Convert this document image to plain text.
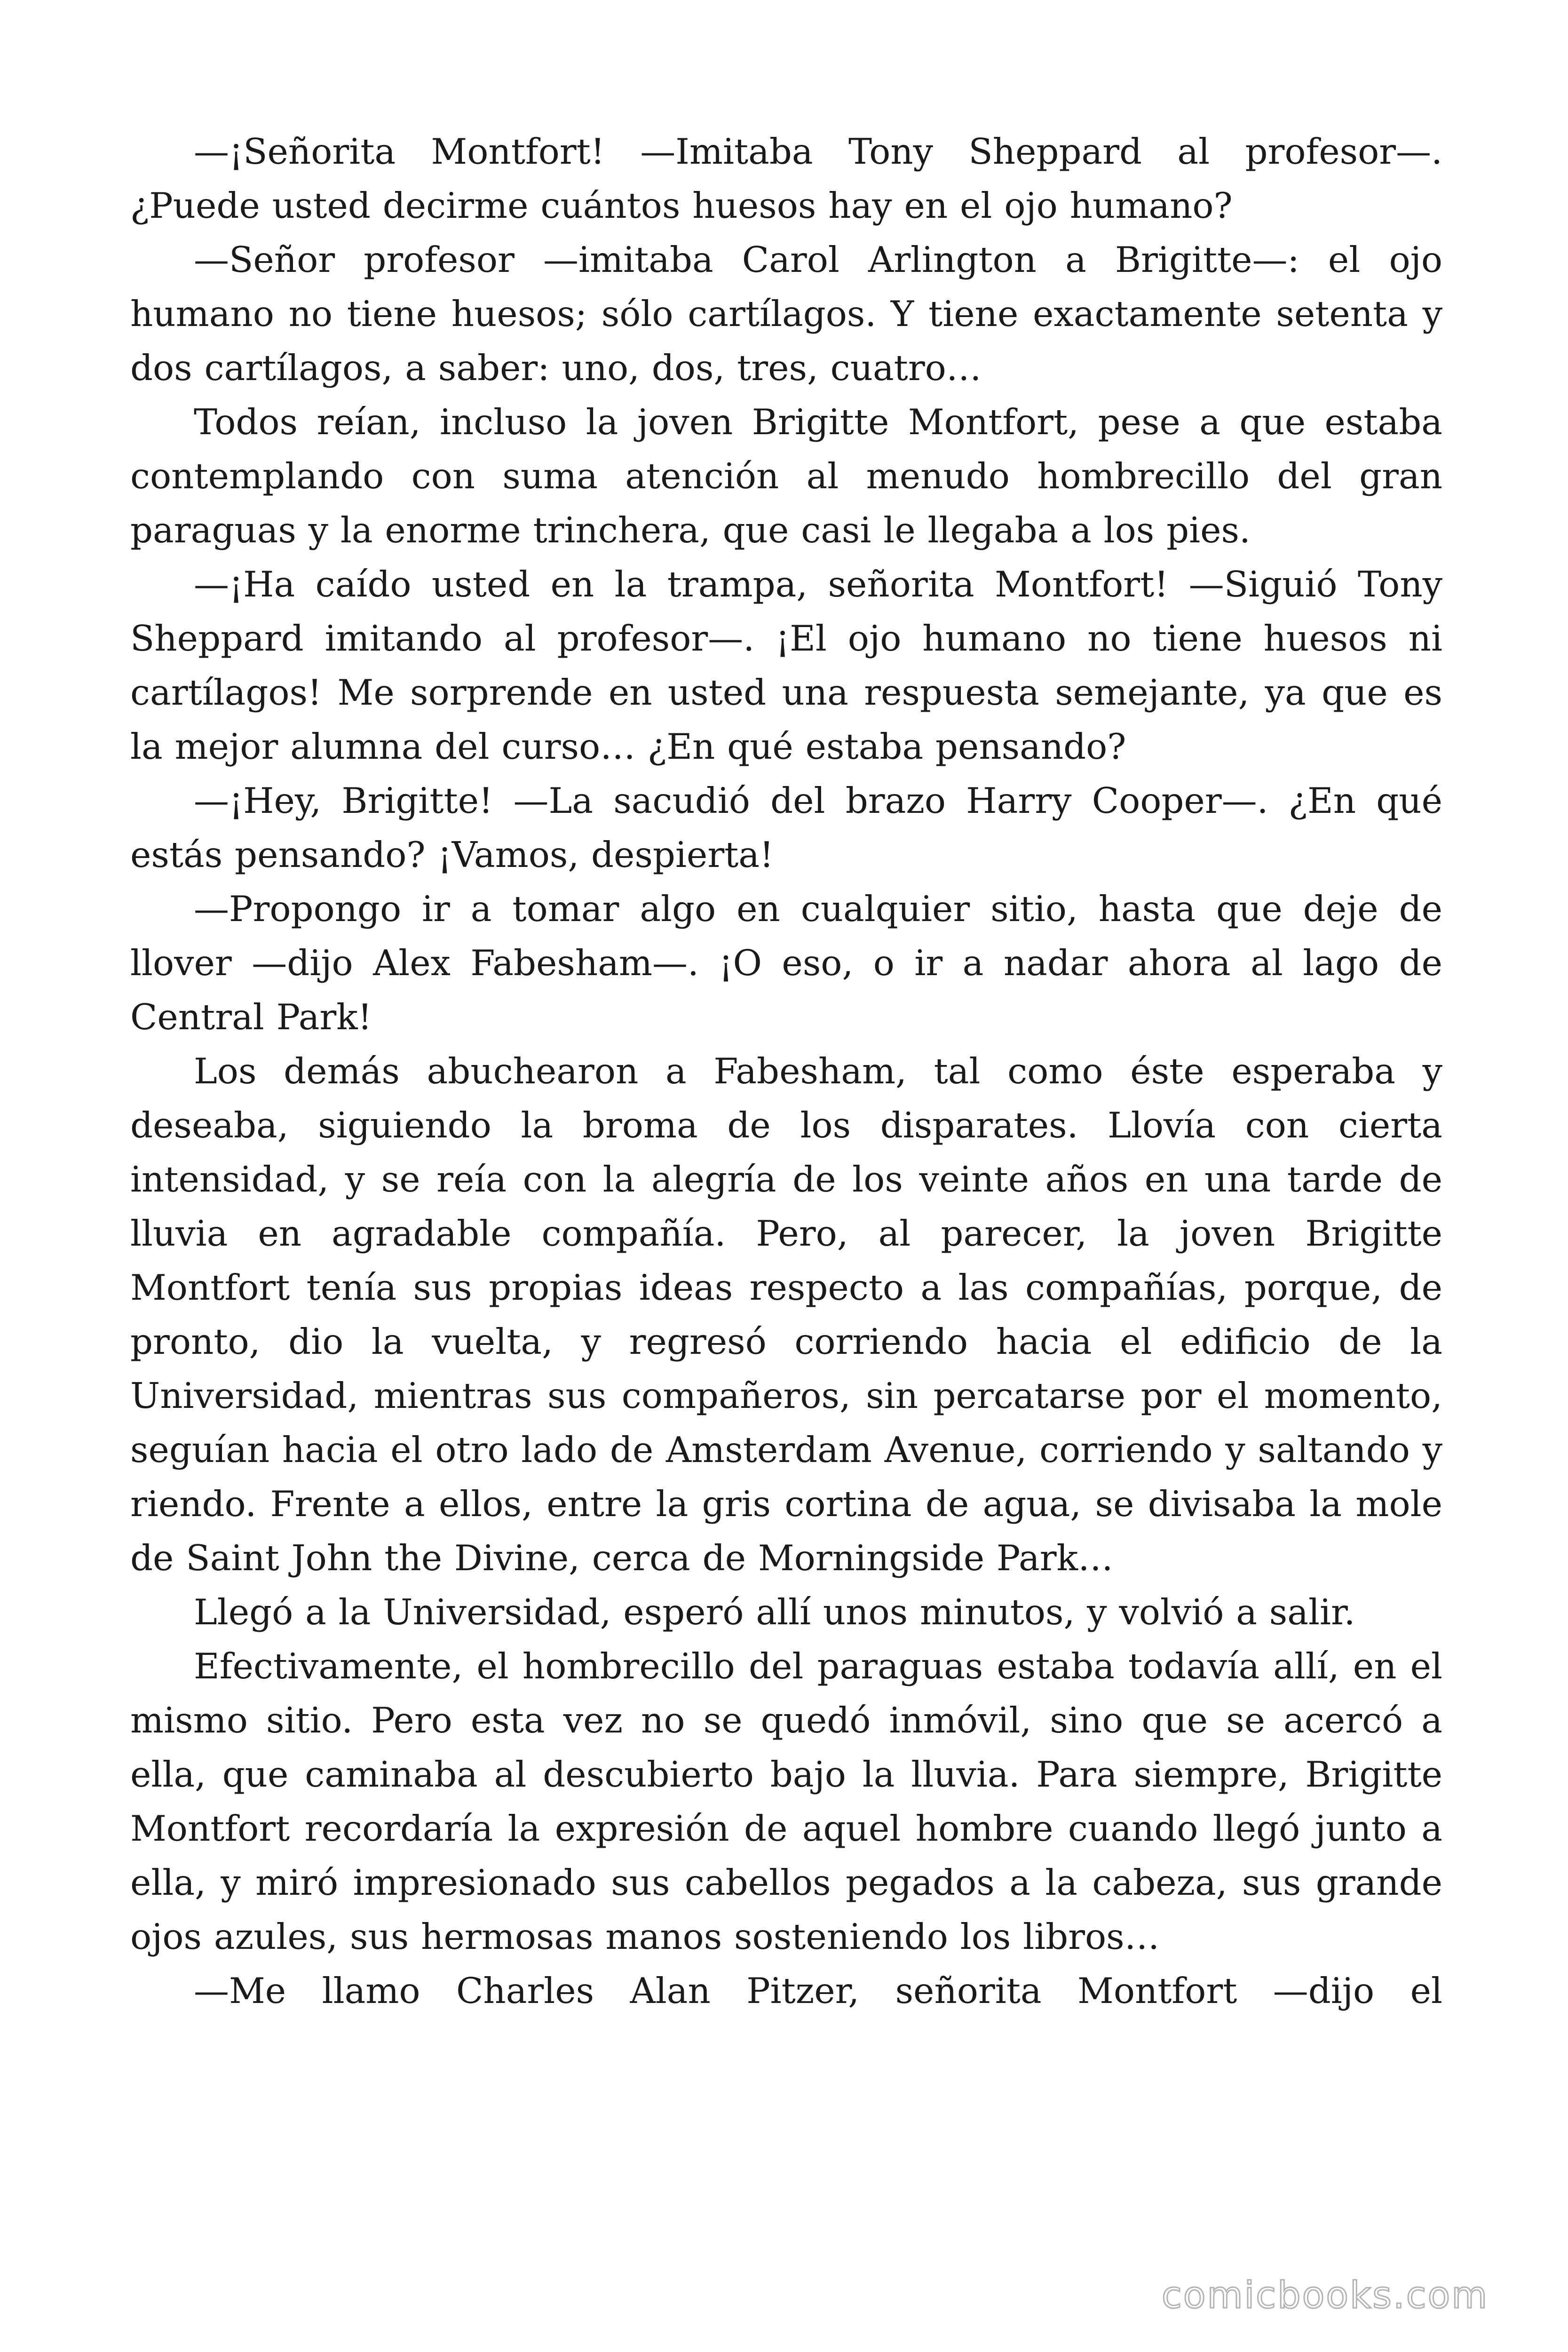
—¡Señorita Montfort! —Imitaba Tony Sheppard al profesor—. ¿Puede usted decirme cuántos huesos hay en el ojo humano?

—Señor profesor —imitaba Carol Arlington a Brigitte—: el ojo humano no tiene huesos; sólo cartílagos. Y tiene exactamente setenta y dos cartílagos, a saber: uno, dos, tres, cuatro…

Todos reían, incluso la joven Brigitte Montfort, pese a que estaba contemplando con suma atención al menudo hombrecillo del gran paraguas y la enorme trinchera, que casi le llegaba a los pies.

—¡Ha caído usted en la trampa, señorita Montfort! —Siguió Tony Sheppard imitando al profesor—. ¡El ojo humano no tiene huesos ni cartílagos! Me sorprende en usted una respuesta semejante, ya que es la mejor alumna del curso… ¿En qué estaba pensando?

—¡Hey, Brigitte! —La sacudió del brazo Harry Cooper—. ¿En qué estás pensando? ¡Vamos, despierta!

—Propongo ir a tomar algo en cualquier sitio, hasta que deje de llover —dijo Alex Fabesham—. ¡O eso, o ir a nadar ahora al lago de Central Park!

Los demás abuchearon a Fabesham, tal como éste esperaba y deseaba, siguiendo la broma de los disparates. Llovía con cierta intensidad, y se reía con la alegría de los veinte años en una tarde de lluvia en agradable compañía. Pero, al parecer, la joven Brigitte Montfort tenía sus propias ideas respecto a las compañías, porque, de pronto, dio la vuelta, y regresó corriendo hacia el edificio de la Universidad, mientras sus compañeros, sin percatarse por el momento, seguían hacia el otro lado de Amsterdam Avenue, corriendo y saltando y riendo. Frente a ellos, entre la gris cortina de agua, se divisaba la mole de Saint John the Divine, cerca de Morningside Park…

Llegó a la Universidad, esperó allí unos minutos, y volvió a salir.

Efectivamente, el hombrecillo del paraguas estaba todavía allí, en el mismo sitio. Pero esta vez no se quedó inmóvil, sino que se acercó a ella, que caminaba al descubierto bajo la lluvia. Para siempre, Brigitte Montfort recordaría la expresión de aquel hombre cuando llegó junto a ella, y miró impresionado sus cabellos pegados a la cabeza, sus grande ojos azules, sus hermosas manos sosteniendo los libros…

—Me llamo Charles Alan Pitzer, señorita Montfort —dijo el

comicbooks.com
